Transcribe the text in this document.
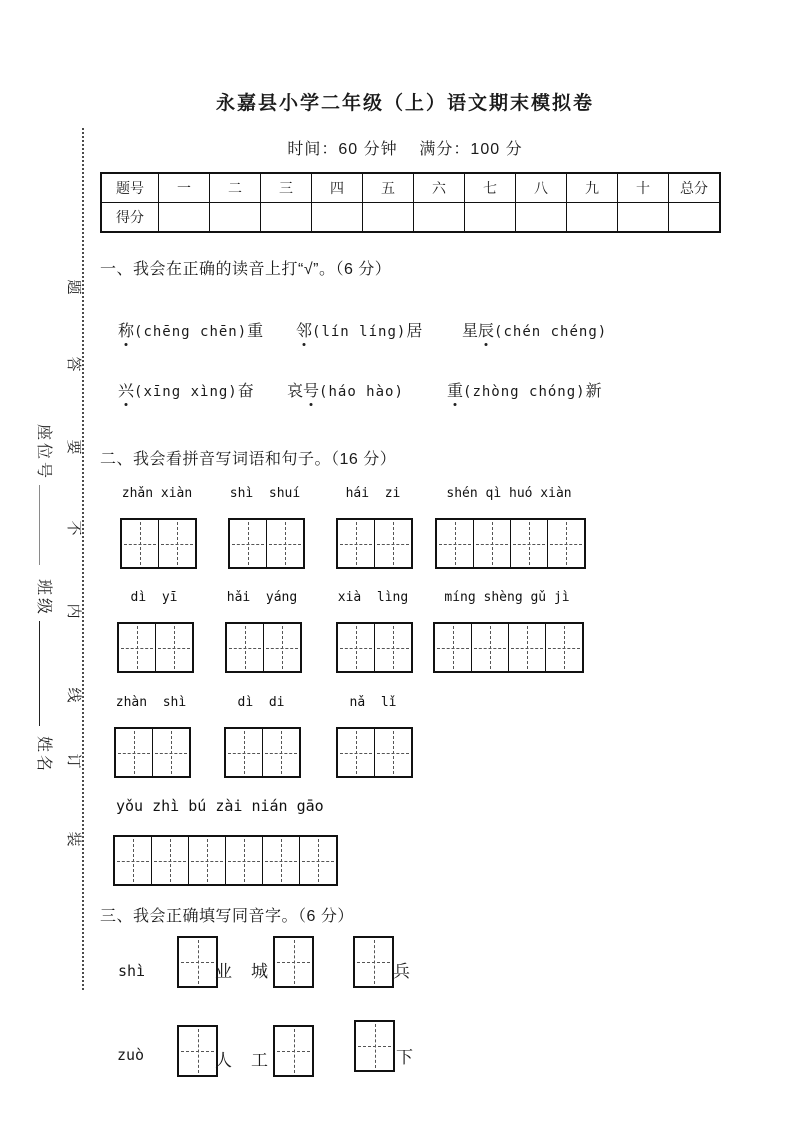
题
答
要
不
内
线
订
装
座位号班级姓名
永嘉县小学二年级（上）语文期末模拟卷
时间：60 分钟    满分：100 分
题号	一	二	三	四	五	六	七	八	九	十	总分
得分											
一、我会在正确的读音上打“√”。（6 分）
称(chēng chēn)重 邻(lín líng)居 星辰(chén chéng)
兴(xīng xìng)奋 哀号(háo hào)	重(zhòng chóng)新
二、我会看拼音写词语和句子。（16 分）
zhǎn xiàn	shì  shuí	hái  zi	shén qì huó xiàn
dì  yī	hǎi  yáng	xià  lìng	míng shèng gǔ jì
zhàn  shì	dì  di	nǎ  lǐ
yǒu zhì bú zài nián gāo
三、我会正确填写同音字。（6 分）
shì	业 城	兵
zuò	人 工	下
